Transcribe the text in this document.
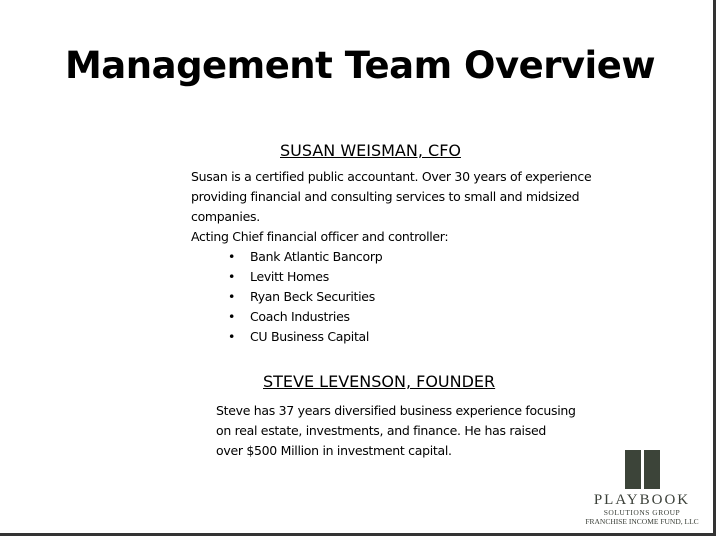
Management Team Overview
SUSAN WEISMAN, CFO
Susan is a certified public accountant. Over 30 years of experience
providing financial and consulting services to small and midsized
companies.
Acting Chief financial officer and controller:
• Bank Atlantic Bancorp
• Levitt Homes
• Ryan Beck Securities
• Coach Industries
• CU Business Capital
STEVE LEVENSON, FOUNDER
Steve has 37 years diversified business experience focusing
on real estate, investments, and finance. He has raised
over $500 Million in investment capital.
PLAYBOOK
SOLUTIONS GROUP
FRANCHISE INCOME FUND, LLC
